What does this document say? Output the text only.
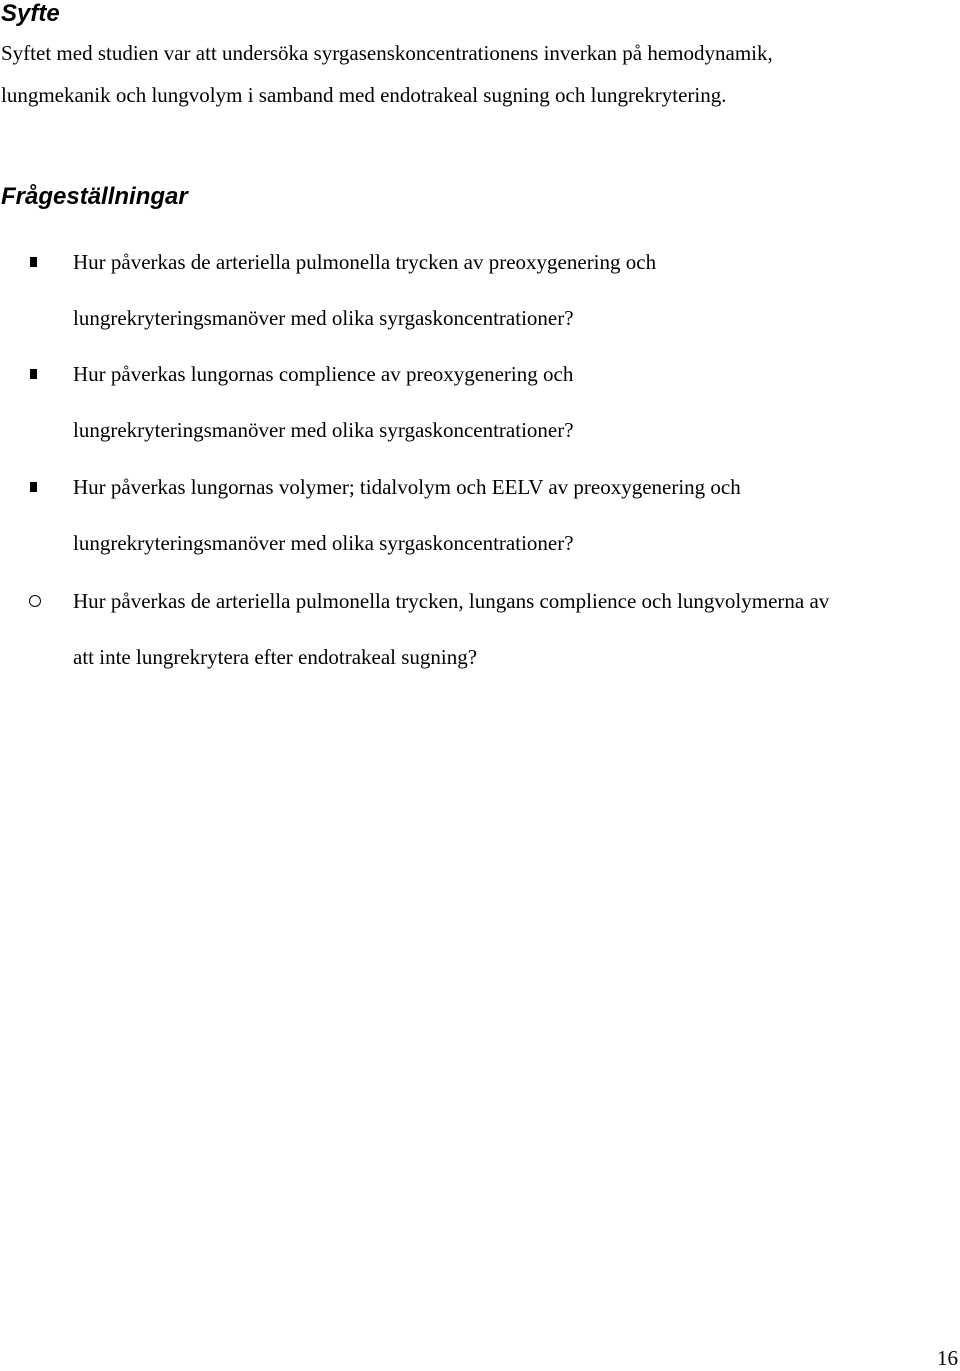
Syfte

Syftet med studien var att undersöka syrgasenskoncentrationens inverkan på hemodynamik,
lungmekanik och lungvolym i samband med endotrakeal sugning och lungrekrytering.

Frågeställningar
Hur påverkas de arteriella pulmonella trycken av preoxygenering och
lungrekryteringsmanöver med olika syrgaskoncentrationer?
Hur påverkas lungornas complience av preoxygenering och
lungrekryteringsmanöver med olika syrgaskoncentrationer?
Hur påverkas lungornas volymer; tidalvolym och EELV av preoxygenering och
lungrekryteringsmanöver med olika syrgaskoncentrationer?
Hur påverkas de arteriella pulmonella trycken, lungans complience och lungvolymerna av
att inte lungrekrytera efter endotrakeal sugning?
16
